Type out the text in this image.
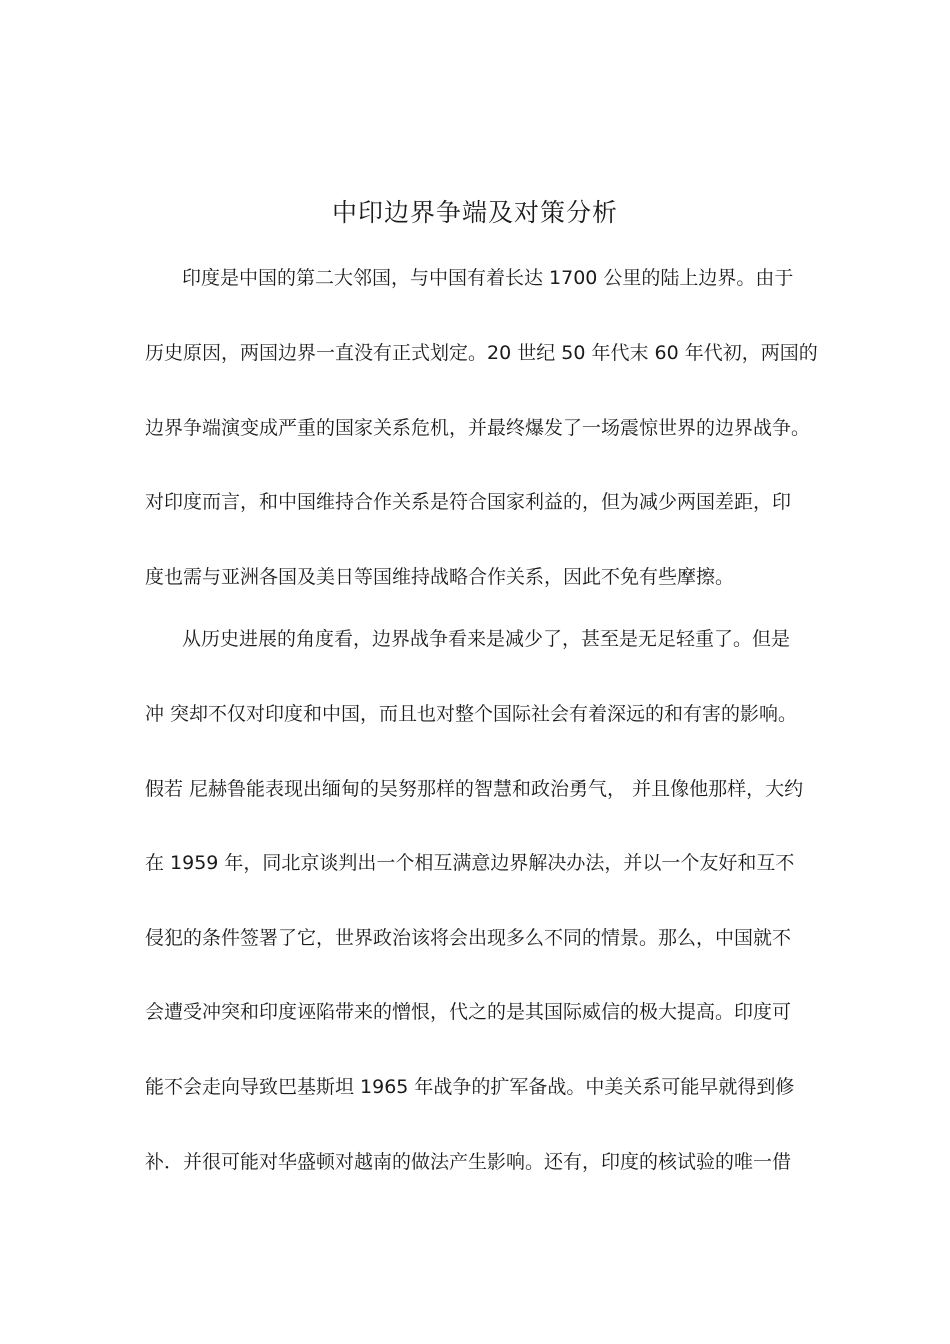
中印边界争端及对策分析
印度是中国的第二大邻国，与中国有着长达 1700 公里的陆上边界。由于
历史原因，两国边界一直没有正式划定。20 世纪 50 年代末 60 年代初，两国的
边界争端演变成严重的国家关系危机，并最终爆发了一场震惊世界的边界战争。
对印度而言，和中国维持合作关系是符合国家利益的，但为减少两国差距，印
度也需与亚洲各国及美日等国维持战略合作关系，因此不免有些摩擦。
从历史进展的角度看，边界战争看来是减少了，甚至是无足轻重了。但是
冲 突却不仅对印度和中国，而且也对整个国际社会有着深远的和有害的影响。
假若 尼赫鲁能表现出缅甸的吴努那样的智慧和政治勇气， 并且像他那样，大约
在 1959 年，同北京谈判出一个相互满意边界解决办法，并以一个友好和互不
侵犯的条件签署了它，世界政治该将会出现多么不同的情景。那么，中国就不
会遭受冲突和印度诬陷带来的憎恨，代之的是其国际威信的极大提高。印度可
能不会走向导致巴基斯坦 1965 年战争的扩军备战。中美关系可能早就得到修
补．并很可能对华盛顿对越南的做法产生影响。还有，印度的核试验的唯一借
